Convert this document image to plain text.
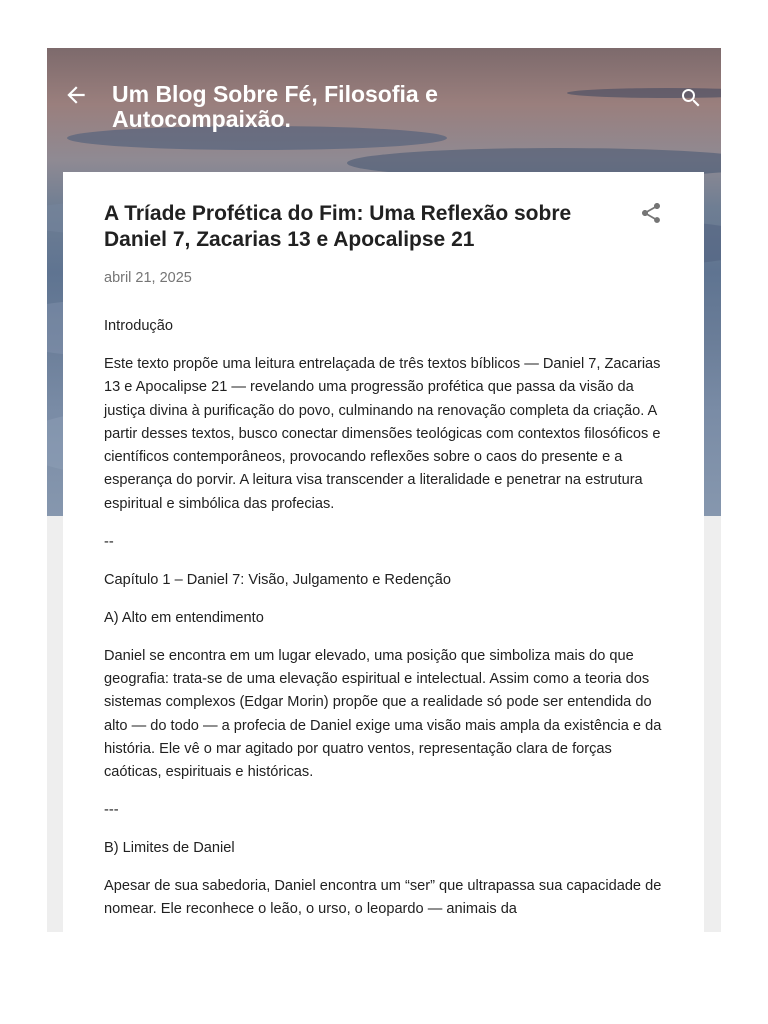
Um Blog Sobre Fé, Filosofia e Autocompaixão.
A Tríade Profética do Fim: Uma Reflexão sobre Daniel 7, Zacarias 13 e Apocalipse 21
abril 21, 2025

Introdução

Este texto propõe uma leitura entrelaçada de três textos bíblicos — Daniel 7, Zacarias 13 e Apocalipse 21 — revelando uma progressão profética que passa da visão da justiça divina à purificação do povo, culminando na renovação completa da criação. A partir desses textos, busco conectar dimensões teológicas com contextos filosóficos e científicos contemporâneos, provocando reflexões sobre o caos do presente e a esperança do porvir. A leitura visa transcender a literalidade e penetrar na estrutura espiritual e simbólica das profecias.

--

Capítulo 1 – Daniel 7: Visão, Julgamento e Redenção

A) Alto em entendimento

Daniel se encontra em um lugar elevado, uma posição que simboliza mais do que geografia: trata-se de uma elevação espiritual e intelectual. Assim como a teoria dos sistemas complexos (Edgar Morin) propõe que a realidade só pode ser entendida do alto — do todo — a profecia de Daniel exige uma visão mais ampla da existência e da história. Ele vê o mar agitado por quatro ventos, representação clara de forças caóticas, espirituais e históricas.

---

B) Limites de Daniel

Apesar de sua sabedoria, Daniel encontra um “ser” que ultrapassa sua capacidade de nomear. Ele reconhece o leão, o urso, o leopardo — animais da
